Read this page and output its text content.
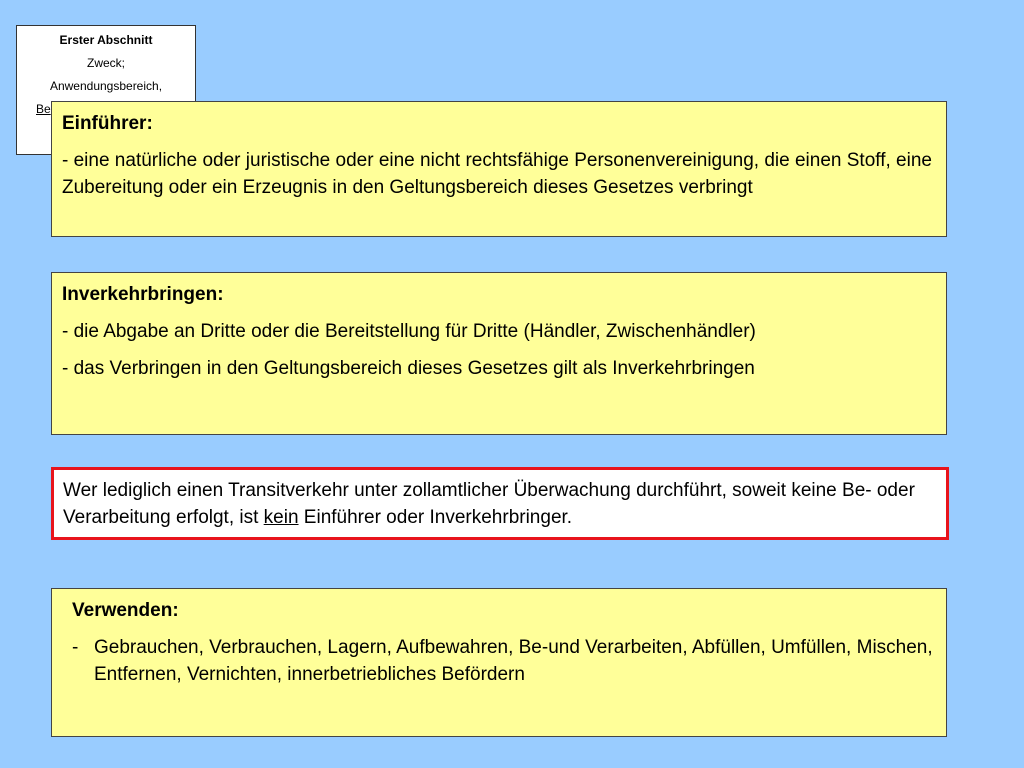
Erster Abschnitt
Zweck;
Anwendungsbereich,
Be

Einführer:

- eine natürliche oder juristische oder eine nicht rechtsfähige Personenvereinigung, die einen Stoff, eine Zubereitung oder ein Erzeugnis in den Geltungsbereich dieses Gesetzes verbringt

Inverkehrbringen:

- die Abgabe an Dritte oder die Bereitstellung für Dritte (Händler, Zwischenhändler)

- das Verbringen in den Geltungsbereich dieses Gesetzes gilt als Inverkehrbringen

Wer lediglich einen Transitverkehr unter zollamtlicher Überwachung durchführt, soweit keine Be- oder Verarbeitung erfolgt, ist kein Einführer oder Inverkehrbringer.

Verwenden:

- Gebrauchen, Verbrauchen, Lagern, Aufbewahren, Be-und Verarbeiten, Abfüllen, Umfüllen, Mischen, Entfernen, Vernichten, innerbetriebliches Befördern
